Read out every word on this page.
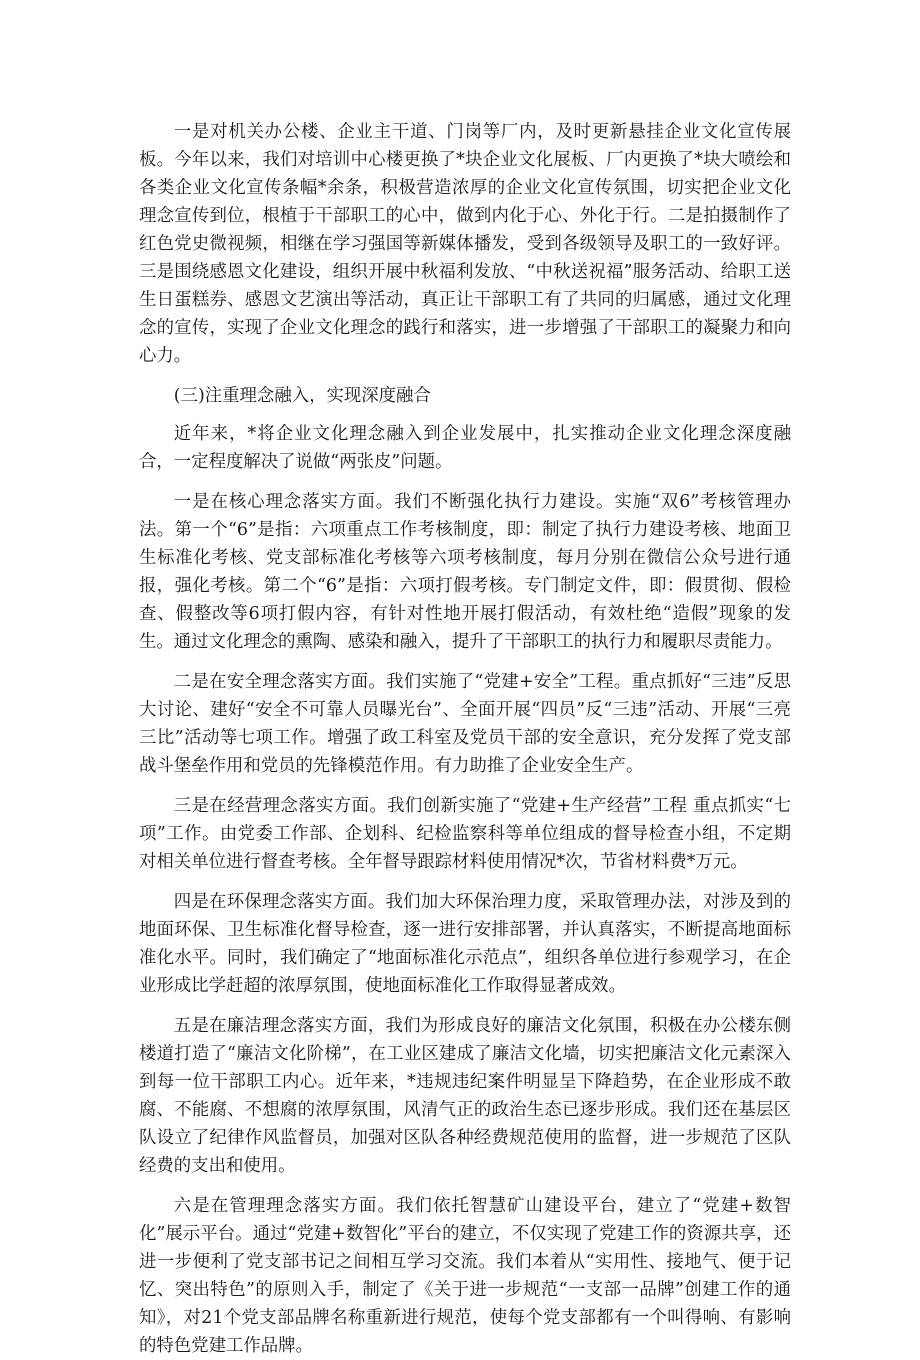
一是对机关办公楼、企业主干道、门岗等厂内，及时更新悬挂企业文化宣传展板。今年以来，我们对培训中心楼更换了*块企业文化展板、厂内更换了*块大喷绘和各类企业文化宣传条幅*余条，积极营造浓厚的企业文化宣传氛围，切实把企业文化理念宣传到位，根植于干部职工的心中，做到内化于心、外化于行。二是拍摄制作了红色党史微视频，相继在学习强国等新媒体播发，受到各级领导及职工的一致好评。三是围绕感恩文化建设，组织开展中秋福利发放、“中秋送祝福”服务活动、给职工送生日蛋糕券、感恩文艺演出等活动，真正让干部职工有了共同的归属感，通过文化理念的宣传，实现了企业文化理念的践行和落实，进一步增强了干部职工的凝聚力和向心力。

(三)注重理念融入，实现深度融合

近年来，*将企业文化理念融入到企业发展中，扎实推动企业文化理念深度融合，一定程度解决了说做“两张皮”问题。

一是在核心理念落实方面。我们不断强化执行力建设。实施“双6”考核管理办法。第一个“6”是指：六项重点工作考核制度，即：制定了执行力建设考核、地面卫生标准化考核、党支部标准化考核等六项考核制度，每月分别在微信公众号进行通报，强化考核。第二个“6”是指：六项打假考核。专门制定文件，即：假贯彻、假检查、假整改等6项打假内容，有针对性地开展打假活动，有效杜绝“造假”现象的发生。通过文化理念的熏陶、感染和融入，提升了干部职工的执行力和履职尽责能力。

二是在安全理念落实方面。我们实施了“党建+安全”工程。重点抓好“三违”反思大讨论、建好“安全不可靠人员曝光台”、全面开展“四员”反“三违”活动、开展“三亮三比”活动等七项工作。增强了政工科室及党员干部的安全意识，充分发挥了党支部战斗堡垒作用和党员的先锋模范作用。有力助推了企业安全生产。

三是在经营理念落实方面。我们创新实施了“党建+生产经营”工程 重点抓实“七项”工作。由党委工作部、企划科、纪检监察科等单位组成的督导检查小组，不定期对相关单位进行督查考核。全年督导跟踪材料使用情况*次，节省材料费*万元。

四是在环保理念落实方面。我们加大环保治理力度，采取管理办法，对涉及到的地面环保、卫生标准化督导检查，逐一进行安排部署，并认真落实，不断提高地面标准化水平。同时，我们确定了“地面标准化示范点”，组织各单位进行参观学习，在企业形成比学赶超的浓厚氛围，使地面标准化工作取得显著成效。

五是在廉洁理念落实方面，我们为形成良好的廉洁文化氛围，积极在办公楼东侧楼道打造了“廉洁文化阶梯”，在工业区建成了廉洁文化墙，切实把廉洁文化元素深入到每一位干部职工内心。近年来，*违规违纪案件明显呈下降趋势，在企业形成不敢腐、不能腐、不想腐的浓厚氛围，风清气正的政治生态已逐步形成。我们还在基层区队设立了纪律作风监督员，加强对区队各种经费规范使用的监督，进一步规范了区队经费的支出和使用。

六是在管理理念落实方面。我们依托智慧矿山建设平台，建立了“党建+数智化”展示平台。通过“党建+数智化”平台的建立，不仅实现了党建工作的资源共享，还进一步便利了党支部书记之间相互学习交流。我们本着从“实用性、接地气、便于记忆、突出特色”的原则入手，制定了《关于进一步规范“一支部一品牌”创建工作的通知》，对21个党支部品牌名称重新进行规范，使每个党支部都有一个叫得响、有影响的特色党建工作品牌。
